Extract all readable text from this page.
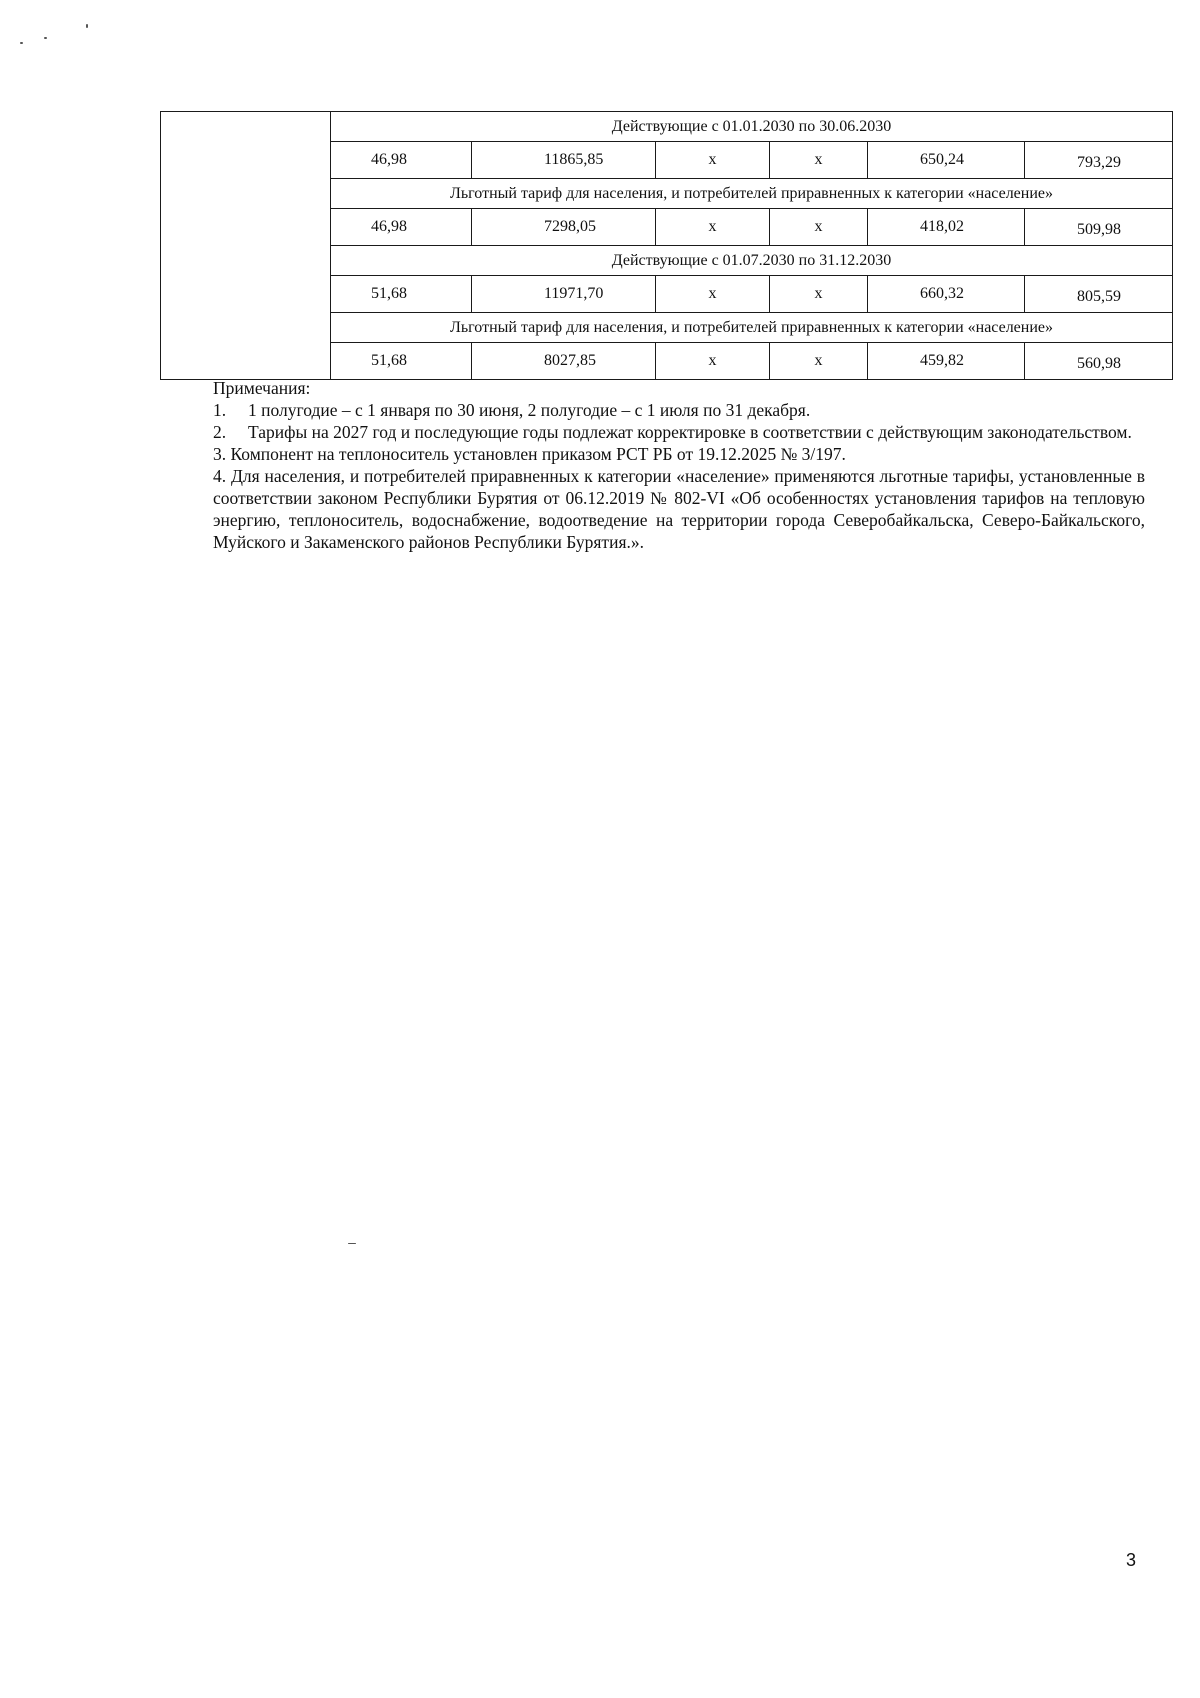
	Действующие с 01.01.2030 по 30.06.2030					
	46,98	11865,85	x	x	650,24	793,29
	Льготный тариф для населения, и потребителей приравненных к категории «население»					
	46,98	7298,05	x	x	418,02	509,98
	Действующие с 01.07.2030 по 31.12.2030					
	51,68	11971,70	x	x	660,32	805,59
	Льготный тариф для населения, и потребителей приравненных к категории «население»					
	51,68	8027,85	x	x	459,82	560,98

Примечания:

1.	1 полугодие – с 1 января по 30 июня, 2 полугодие – с 1 июля по 31 декабря.
2.	Тарифы на 2027 год и последующие годы подлежат корректировке в соответствии с действующим законодательством.
3. Компонент на теплоноситель установлен приказом РСТ РБ от 19.12.2025 № 3/197.
4. Для населения, и потребителей приравненных к категории «население» применяются льготные тарифы, установленные в соответствии законом Республики Бурятия от 06.12.2019 № 802-VI «Об особенностях установления тарифов на тепловую энергию, теплоноситель, водоснабжение, водоотведение на территории города Северобайкальска, Северо-Байкальского, Муйского и Закаменского районов Республики Бурятия.».
3
